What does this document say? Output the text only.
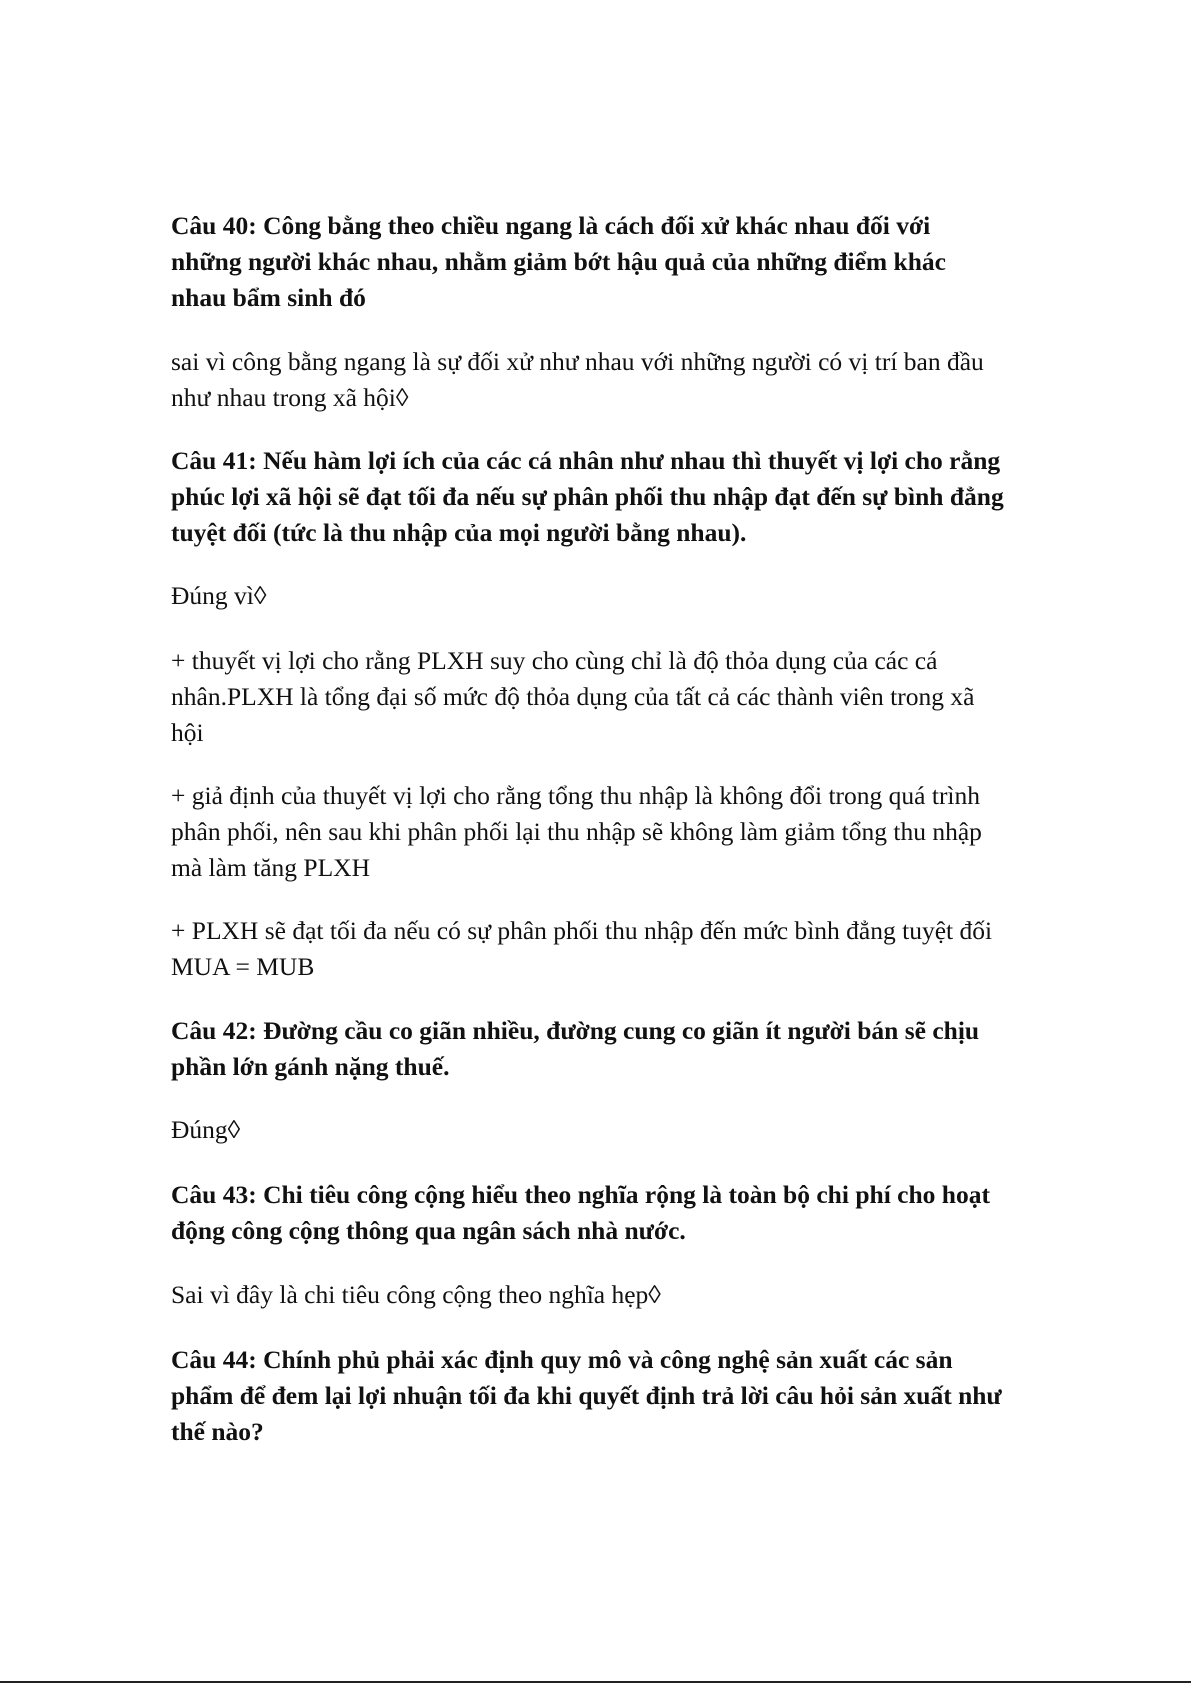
Câu 40: Công bằng theo chiều ngang là cách đối xử khác nhau đối với
những người khác nhau, nhằm giảm bớt hậu quả của những điểm khác
nhau bẩm sinh đó

sai vì công bằng ngang là sự đối xử như nhau với những người có vị trí ban đầu
như nhau trong xã hội◊

Câu 41: Nếu hàm lợi ích của các cá nhân như nhau thì thuyết vị lợi cho rằng
phúc lợi xã hội sẽ đạt tối đa nếu sự phân phối thu nhập đạt đến sự bình đẳng
tuyệt đối (tức là thu nhập của mọi người bằng nhau).

Đúng vì◊

+ thuyết vị lợi cho rằng PLXH suy cho cùng chỉ là độ thỏa dụng của các cá
nhân.PLXH là tổng đại số mức độ thỏa dụng của tất cả các thành viên trong xã
hội

+ giả định của thuyết vị lợi cho rằng tổng thu nhập là không đổi trong quá trình
phân phối, nên sau khi phân phối lại thu nhập sẽ không làm giảm tổng thu nhập
mà làm tăng PLXH

+ PLXH sẽ đạt tối đa nếu có sự phân phối thu nhập đến mức bình đẳng tuyệt đối
MUA = MUB

Câu 42: Đường cầu co giãn nhiều, đường cung co giãn ít người bán sẽ chịu
phần lớn gánh nặng thuế.

Đúng◊

Câu 43: Chi tiêu công cộng hiểu theo nghĩa rộng là toàn bộ chi phí cho hoạt
động công cộng thông qua ngân sách nhà nước.

Sai vì đây là chi tiêu công cộng theo nghĩa hẹp◊

Câu 44: Chính phủ phải xác định quy mô và công nghệ sản xuất các sản
phẩm để đem lại lợi nhuận tối đa khi quyết định trả lời câu hỏi sản xuất như
thế nào?
